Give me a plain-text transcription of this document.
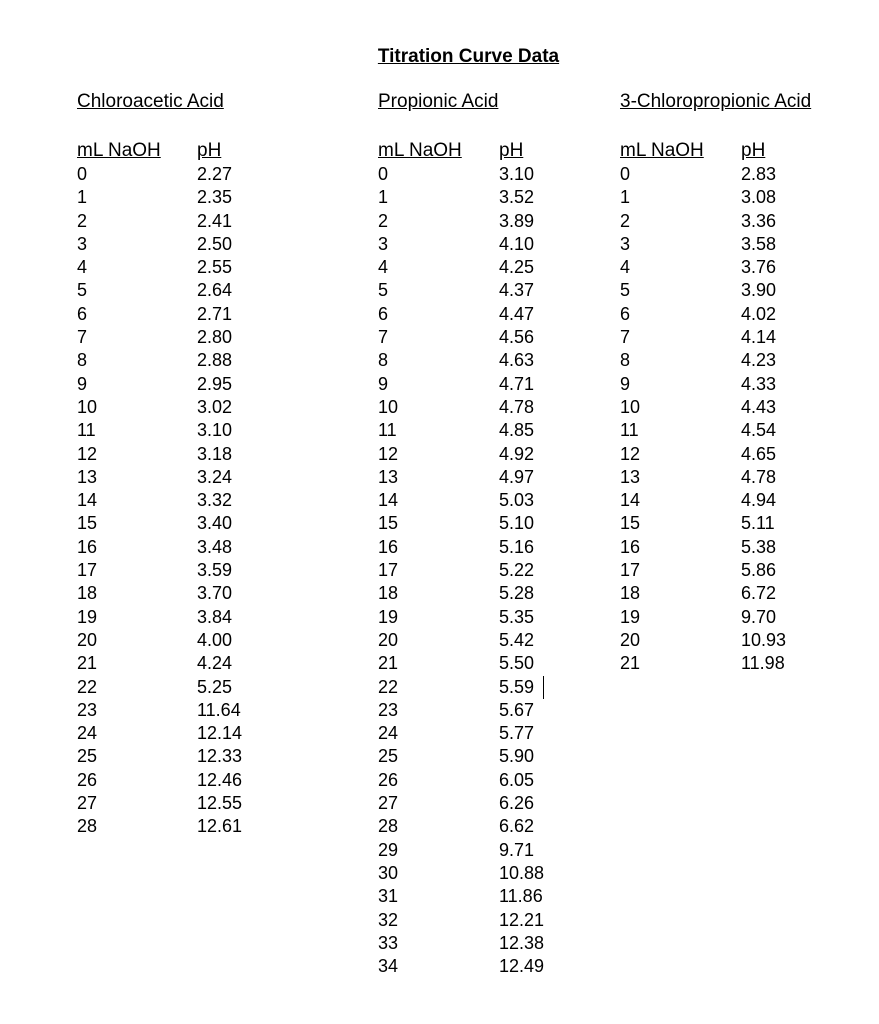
Titration Curve Data
Chloroacetic Acid
mL NaOH
0
1
2
3
4
5
6
7
8
9
10
11
12
13
14
15
16
17
18
19
20
21
22
23
24
25
26
27
28
pH
2.27
2.35
2.41
2.50
2.55
2.64
2.71
2.80
2.88
2.95
3.02
3.10
3.18
3.24
3.32
3.40
3.48
3.59
3.70
3.84
4.00
4.24
5.25
11.64
12.14
12.33
12.46
12.55
12.61
Propionic Acid
mL NaOH
0
1
2
3
4
5
6
7
8
9
10
11
12
13
14
15
16
17
18
19
20
21
22
23
24
25
26
27
28
29
30
31
32
33
34
pH
3.10
3.52
3.89
4.10
4.25
4.37
4.47
4.56
4.63
4.71
4.78
4.85
4.92
4.97
5.03
5.10
5.16
5.22
5.28
5.35
5.42
5.50
5.59
5.67
5.77
5.90
6.05
6.26
6.62
9.71
10.88
11.86
12.21
12.38
12.49
3-Chloropropionic Acid
mL NaOH
0
1
2
3
4
5
6
7
8
9
10
11
12
13
14
15
16
17
18
19
20
21
pH
2.83
3.08
3.36
3.58
3.76
3.90
4.02
4.14
4.23
4.33
4.43
4.54
4.65
4.78
4.94
5.11
5.38
5.86
6.72
9.70
10.93
11.98
